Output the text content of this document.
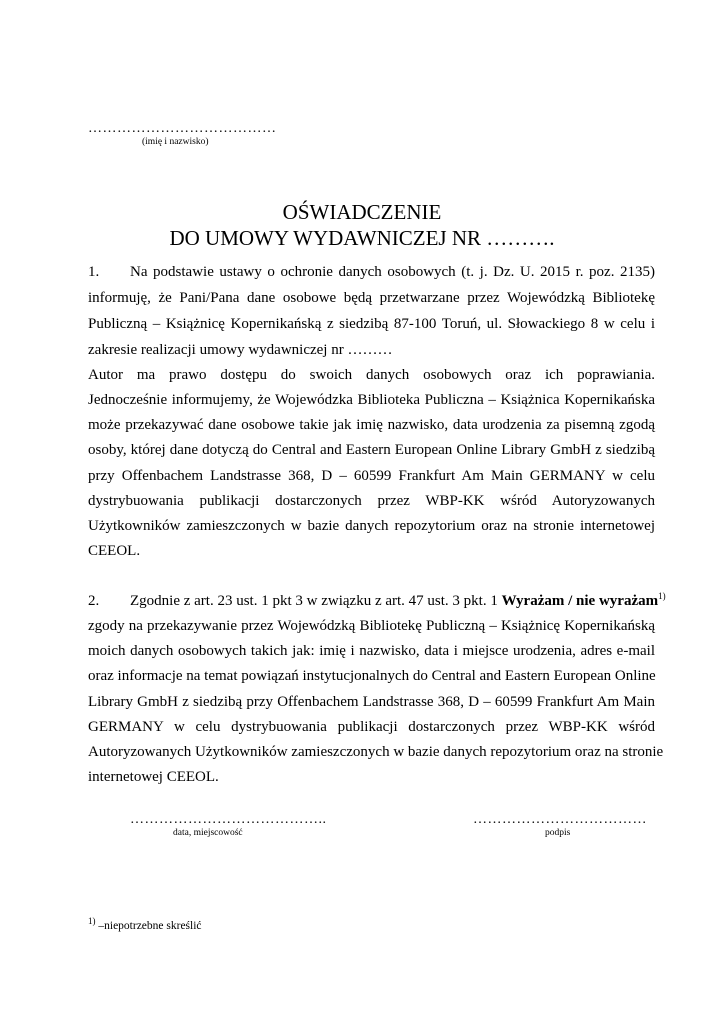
…………………………………
(imię i nazwisko)
OŚWIADCZENIE
DO UMOWY WYDAWNICZEJ NR ……….
1. Na podstawie ustawy o ochronie danych osobowych (t. j. Dz. U. 2015 r. poz. 2135)
informuję, że Pani/Pana dane osobowe będą przetwarzane przez Wojewódzką Bibliotekę
Publiczną – Książnicę Kopernikańską z siedzibą 87-100 Toruń, ul. Słowackiego 8 w celu i
zakresie realizacji umowy wydawniczej nr ………
Autor ma prawo dostępu do swoich danych osobowych oraz ich poprawiania.
Jednocześnie informujemy, że Wojewódzka Biblioteka Publiczna – Książnica Kopernikańska
może przekazywać dane osobowe takie jak imię nazwisko, data urodzenia za pisemną zgodą
osoby, której dane dotyczą do Central and Eastern European Online Library GmbH z siedzibą
przy Offenbachem Landstrasse 368, D – 60599 Frankfurt Am Main GERMANY w celu
dystrybuowania publikacji dostarczonych przez WBP-KK wśród Autoryzowanych
Użytkowników zamieszczonych w bazie danych repozytorium oraz na stronie internetowej
CEEOL.
2. Zgodnie z art. 23 ust. 1 pkt 3 w związku z art. 47 ust. 3 pkt. 1 Wyrażam / nie wyrażam$^{1)}$
zgody na przekazywanie przez Wojewódzką Bibliotekę Publiczną – Książnicę Kopernikańską
moich danych osobowych takich jak: imię i nazwisko, data i miejsce urodzenia, adres e-mail
oraz informacje na temat powiązań instytucjonalnych do Central and Eastern European Online
Library GmbH z siedzibą przy Offenbachem Landstrasse 368, D – 60599 Frankfurt Am Main
GERMANY w celu dystrybuowania publikacji dostarczonych przez WBP-KK wśród
Autoryzowanych Użytkowników zamieszczonych w bazie danych repozytorium oraz na stronie
internetowej CEEOL.
…………………………………..
data, miejscowość
………………………………
podpis
$^{1)}$ –niepotrzebne skreślić
